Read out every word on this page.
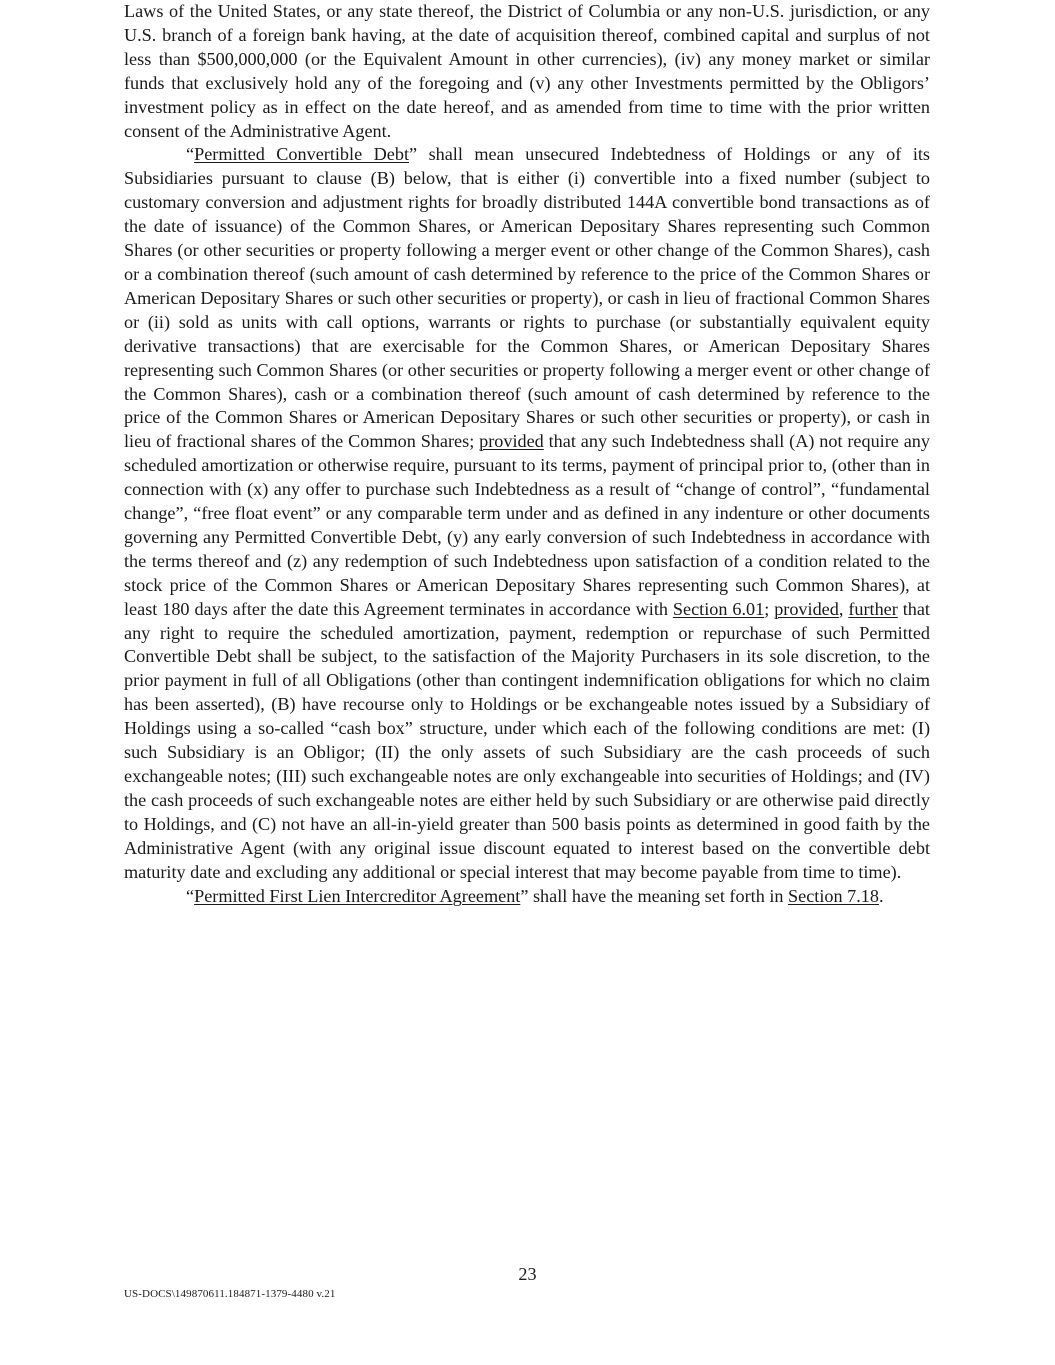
Laws of the United States, or any state thereof, the District of Columbia or any non-U.S. jurisdiction, or any U.S. branch of a foreign bank having, at the date of acquisition thereof, combined capital and surplus of not less than $500,000,000 (or the Equivalent Amount in other currencies), (iv) any money market or similar funds that exclusively hold any of the foregoing and (v) any other Investments permitted by the Obligors’ investment policy as in effect on the date hereof, and as amended from time to time with the prior written consent of the Administrative Agent.

“Permitted Convertible Debt” shall mean unsecured Indebtedness of Holdings or any of its Subsidiaries pursuant to clause (B) below, that is either (i) convertible into a fixed number (subject to customary conversion and adjustment rights for broadly distributed 144A convertible bond transactions as of the date of issuance) of the Common Shares, or American Depositary Shares representing such Common Shares (or other securities or property following a merger event or other change of the Common Shares), cash or a combination thereof (such amount of cash determined by reference to the price of the Common Shares or American Depositary Shares or such other securities or property), or cash in lieu of fractional Common Shares or (ii) sold as units with call options, warrants or rights to purchase (or substantially equivalent equity derivative transactions) that are exercisable for the Common Shares, or American Depositary Shares representing such Common Shares (or other securities or property following a merger event or other change of the Common Shares), cash or a combination thereof (such amount of cash determined by reference to the price of the Common Shares or American Depositary Shares or such other securities or property), or cash in lieu of fractional shares of the Common Shares; provided that any such Indebtedness shall (A) not require any scheduled amortization or otherwise require, pursuant to its terms, payment of principal prior to, (other than in connection with (x) any offer to purchase such Indebtedness as a result of “change of control”, “fundamental change”, “free float event” or any comparable term under and as defined in any indenture or other documents governing any Permitted Convertible Debt, (y) any early conversion of such Indebtedness in accordance with the terms thereof and (z) any redemption of such Indebtedness upon satisfaction of a condition related to the stock price of the Common Shares or American Depositary Shares representing such Common Shares), at least 180 days after the date this Agreement terminates in accordance with Section 6.01; provided, further that any right to require the scheduled amortization, payment, redemption or repurchase of such Permitted Convertible Debt shall be subject, to the satisfaction of the Majority Purchasers in its sole discretion, to the prior payment in full of all Obligations (other than contingent indemnification obligations for which no claim has been asserted), (B) have recourse only to Holdings or be exchangeable notes issued by a Subsidiary of Holdings using a so-called “cash box” structure, under which each of the following conditions are met: (I) such Subsidiary is an Obligor; (II) the only assets of such Subsidiary are the cash proceeds of such exchangeable notes; (III) such exchangeable notes are only exchangeable into securities of Holdings; and (IV) the cash proceeds of such exchangeable notes are either held by such Subsidiary or are otherwise paid directly to Holdings, and (C) not have an all-in-yield greater than 500 basis points as determined in good faith by the Administrative Agent (with any original issue discount equated to interest based on the convertible debt maturity date and excluding any additional or special interest that may become payable from time to time).

“Permitted First Lien Intercreditor Agreement” shall have the meaning set forth in Section 7.18.

23
US-DOCS\149870611.184871-1379-4480 v.21
